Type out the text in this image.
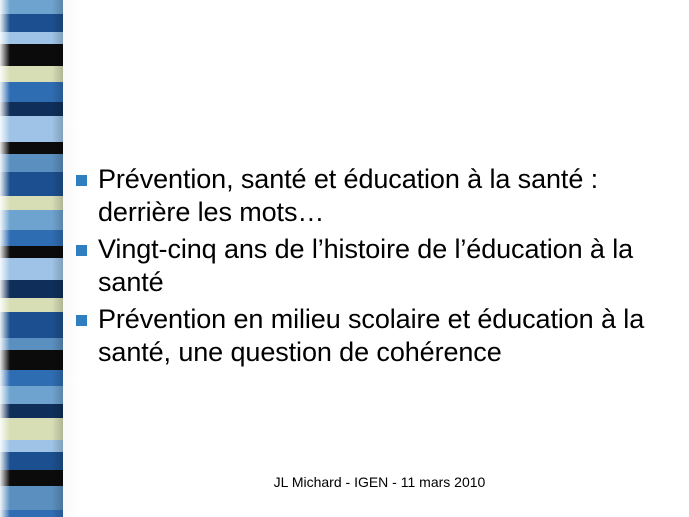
Prévention, santé et éducation à la santé : derrière les mots…
Vingt-cinq ans de l’histoire de l’éducation à la santé
Prévention en milieu scolaire et éducation à la santé, une question de cohérence
JL Michard - IGEN - 11 mars 2010
